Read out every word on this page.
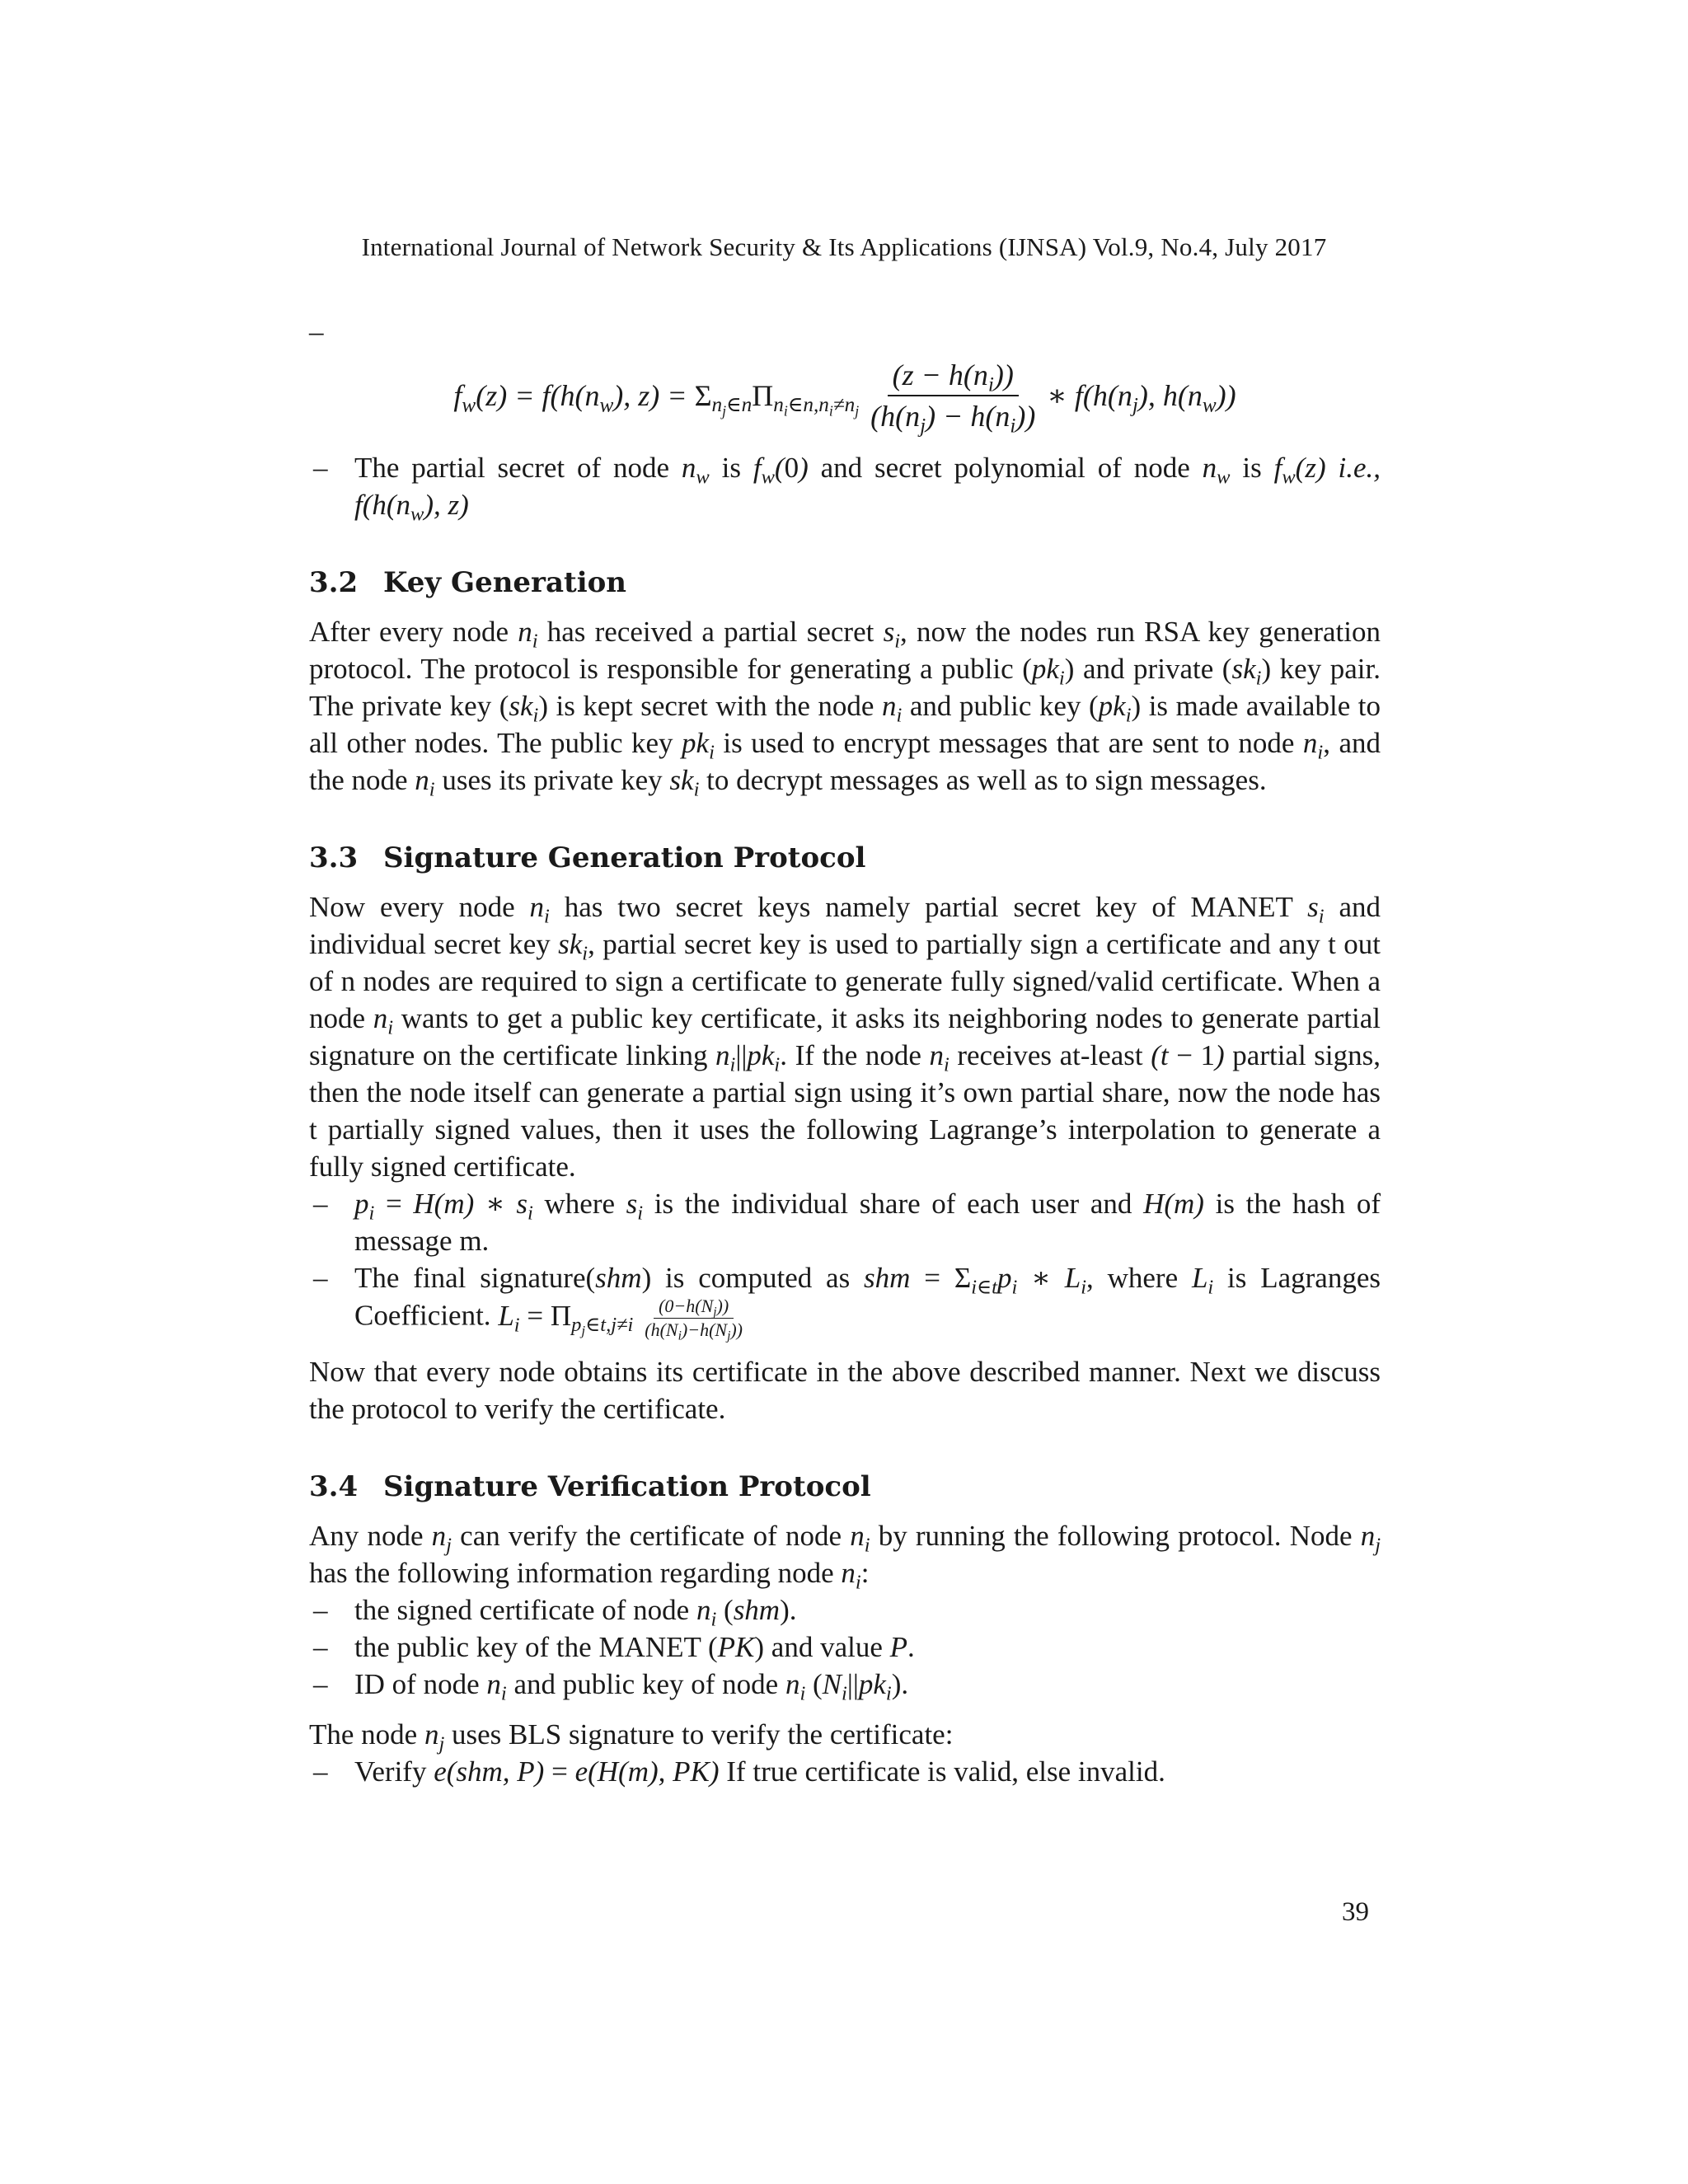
International Journal of Network Security & Its Applications (IJNSA) Vol.9, No.4, July 2017
–
$f_w(z) = f(h(n_w)$, $z) = \Sigma_{n_j\in n}\Pi_{n_i\in n,n_i\ne n_j} \frac{(z - h(n_i))}{(h(n_j) - h(n_i))}$ ∗ $f(h(n_j)$, $h(n_w)$)
– The partial secret of node $n_w$ is $f_w(0)$ and secret polynomial of node $n_w$ is $f_w(z)$ i.e., $f(h(n_w)$, z)
3.2 Key Generation

After every node $n_i$ has received a partial secret $s_i$, now the nodes run RSA key generation protocol. The protocol is responsible for generating a public $(pk_i)$ and private $(sk_i)$ key pair. The private key $(sk_i)$ is kept secret with the node $n_i$ and public key $(pk_i)$ is made available to all other nodes. The public key $pk_i$ is used to encrypt messages that are sent to node $n_i$, and the node $n_i$ uses its private key $sk_i$ to decrypt messages as well as to sign messages.

3.3 Signature Generation Protocol

Now every node $n_i$ has two secret keys namely partial secret key of MANET $s_i$ and individual secret key $sk_i$, partial secret key is used to partially sign a certificate and any t out of n nodes are required to sign a certificate to generate fully signed/valid certificate. When a node $n_i$ wants to get a public key certificate, it asks its neighboring nodes to generate partial signature on the certificate linking $n_i||pk_i$. If the node $n_i$ receives at-least (t − 1) partial signs, then the node itself can generate a partial sign using it’s own partial share, now the node has t partially signed values, then it uses the following Lagrange’s interpolation to generate a fully signed certificate.

– $p_i = H(m)$ ∗ $s_i$ where $s_i$ is the individual share of each user and H(m) is the hash of message m.
– The final signature(shm) is computed as shm = $\Sigma_{i\in t}p_i$ ∗ $L_i$, where $L_i$ is Lagranges Coefficient. $L_i = \Pi_{p_j\in t,j\ne i} \frac{(0-h(N_j))}{(h(N_i)-h(N_j))}$

Now that every node obtains its certificate in the above described manner. Next we discuss the protocol to verify the certificate.

3.4 Signature Verification Protocol

Any node $n_j$ can verify the certificate of node $n_i$ by running the following protocol. Node $n_j$ has the following information regarding node $n_i$:

– the signed certificate of node $n_i$ (shm).
– the public key of the MANET (PK) and value P.
– ID of node $n_i$ and public key of node $n_i$ $(N_i||pk_i)$.

The node $n_j$ uses BLS signature to verify the certificate:

– Verify e(shm, P) = e(H(m), PK) If true certificate is valid, else invalid.
39
